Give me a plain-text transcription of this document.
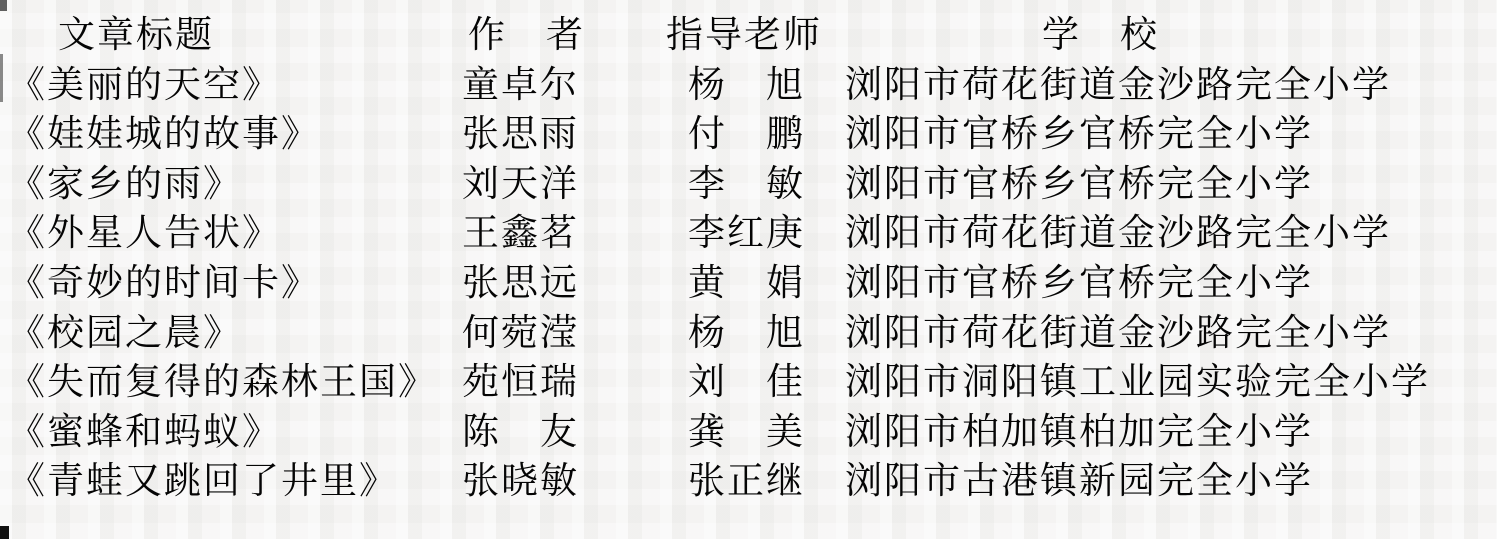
文章标题	作　者 指导老师	学　校
《美丽的天空》	童卓尔	杨　旭 浏阳市荷花街道金沙路完全小学
《娃娃城的故事》	张思雨	付　鹏 浏阳市官桥乡官桥完全小学
《家乡的雨》	刘天洋	李　敏 浏阳市官桥乡官桥完全小学
《外星人告状》	王鑫茗	李红庚 浏阳市荷花街道金沙路完全小学
《奇妙的时间卡》	张思远	黄　娟 浏阳市官桥乡官桥完全小学
《校园之晨》	何菀滢	杨　旭 浏阳市荷花街道金沙路完全小学
《失而复得的森林王国》 苑恒瑞	刘　佳 浏阳市洞阳镇工业园实验完全小学
《蜜蜂和蚂蚁》	陈　友	龚　美 浏阳市柏加镇柏加完全小学
《青蛙又跳回了井里》 张晓敏	张正继 浏阳市古港镇新园完全小学
